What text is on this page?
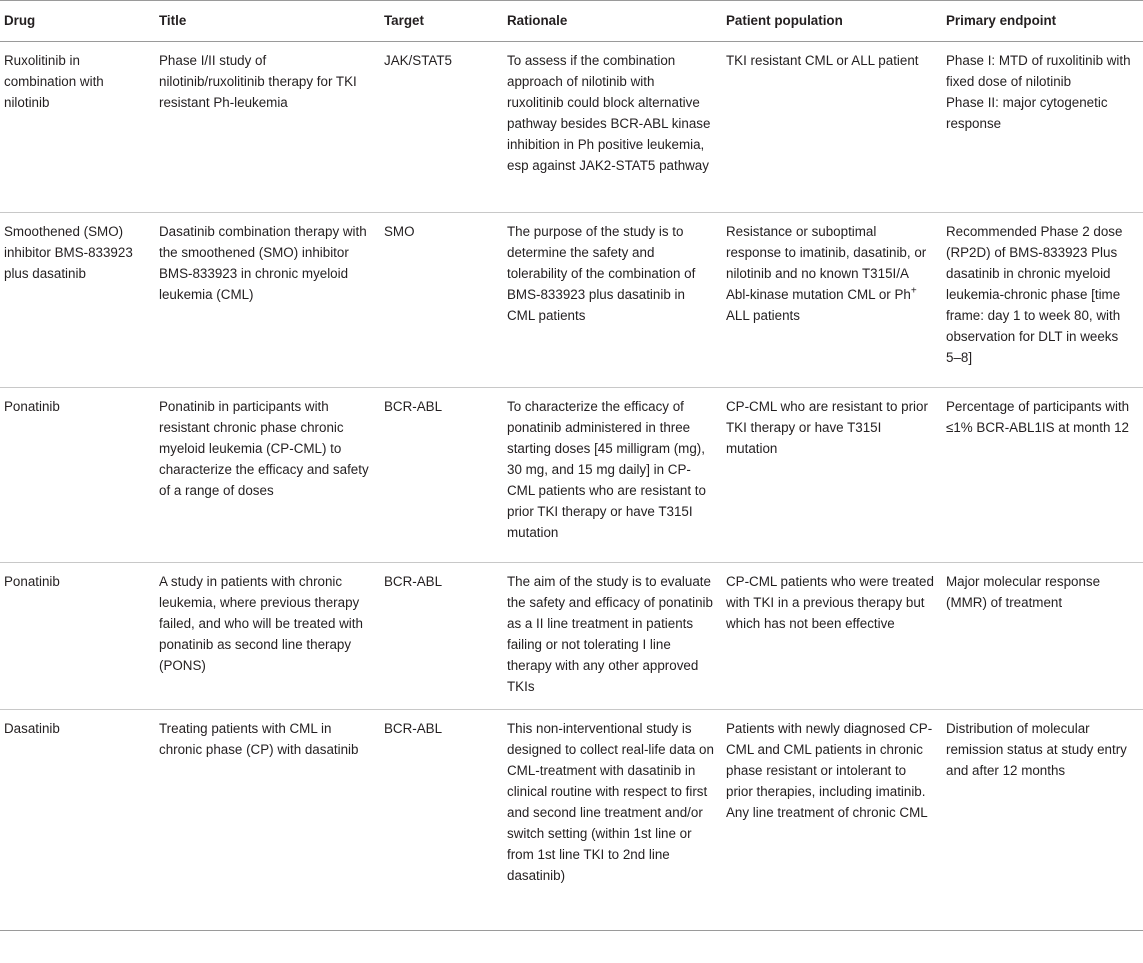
Drug	Title	Target	Rationale	Patient population	Primary endpoint

Ruxolitinib in combination with nilotinib	Phase I/II study of nilotinib/ruxolitinib therapy for TKI resistant Ph-leukemia	JAK/STAT5	To assess if the combination approach of nilotinib with ruxolitinib could block alternative pathway besides BCR-ABL kinase inhibition in Ph positive leukemia, esp against JAK2-STAT5 pathway	TKI resistant CML or ALL patient	Phase I: MTD of ruxolitinib with fixed dose of nilotinib
Phase II: major cytogenetic response

Smoothened (SMO) inhibitor BMS-833923 plus dasatinib	Dasatinib combination therapy with the smoothened (SMO) inhibitor BMS-833923 in chronic myeloid leukemia (CML)	SMO	The purpose of the study is to determine the safety and tolerability of the combination of BMS-833923 plus dasatinib in CML patients	Resistance or suboptimal response to imatinib, dasatinib, or nilotinib and no known T315I/A Abl-kinase mutation CML or Ph+ ALL patients	Recommended Phase 2 dose (RP2D) of BMS-833923 Plus dasatinib in chronic myeloid leukemia-chronic phase [time frame: day 1 to week 80, with observation for DLT in weeks 5–8]

Ponatinib	Ponatinib in participants with resistant chronic phase chronic myeloid leukemia (CP-CML) to characterize the efficacy and safety of a range of doses	BCR-ABL	To characterize the efficacy of ponatinib administered in three starting doses [45 milligram (mg), 30 mg, and 15 mg daily] in CP-CML patients who are resistant to prior TKI therapy or have T315I mutation	CP-CML who are resistant to prior TKI therapy or have T315I mutation	Percentage of participants with ≤1% BCR-ABL1IS at month 12

Ponatinib	A study in patients with chronic leukemia, where previous therapy failed, and who will be treated with ponatinib as second line therapy (PONS)	BCR-ABL	The aim of the study is to evaluate the safety and efficacy of ponatinib as a II line treatment in patients failing or not tolerating I line therapy with any other approved TKIs	CP-CML patients who were treated with TKI in a previous therapy but which has not been effective	Major molecular response (MMR) of treatment

Dasatinib	Treating patients with CML in chronic phase (CP) with dasatinib	BCR-ABL	This non-interventional study is designed to collect real-life data on CML-treatment with dasatinib in clinical routine with respect to first and second line treatment and/or switch setting (within 1st line or from 1st line TKI to 2nd line dasatinib)	Patients with newly diagnosed CP-CML and CML patients in chronic phase resistant or intolerant to prior therapies, including imatinib. Any line treatment of chronic CML	Distribution of molecular remission status at study entry and after 12 months
